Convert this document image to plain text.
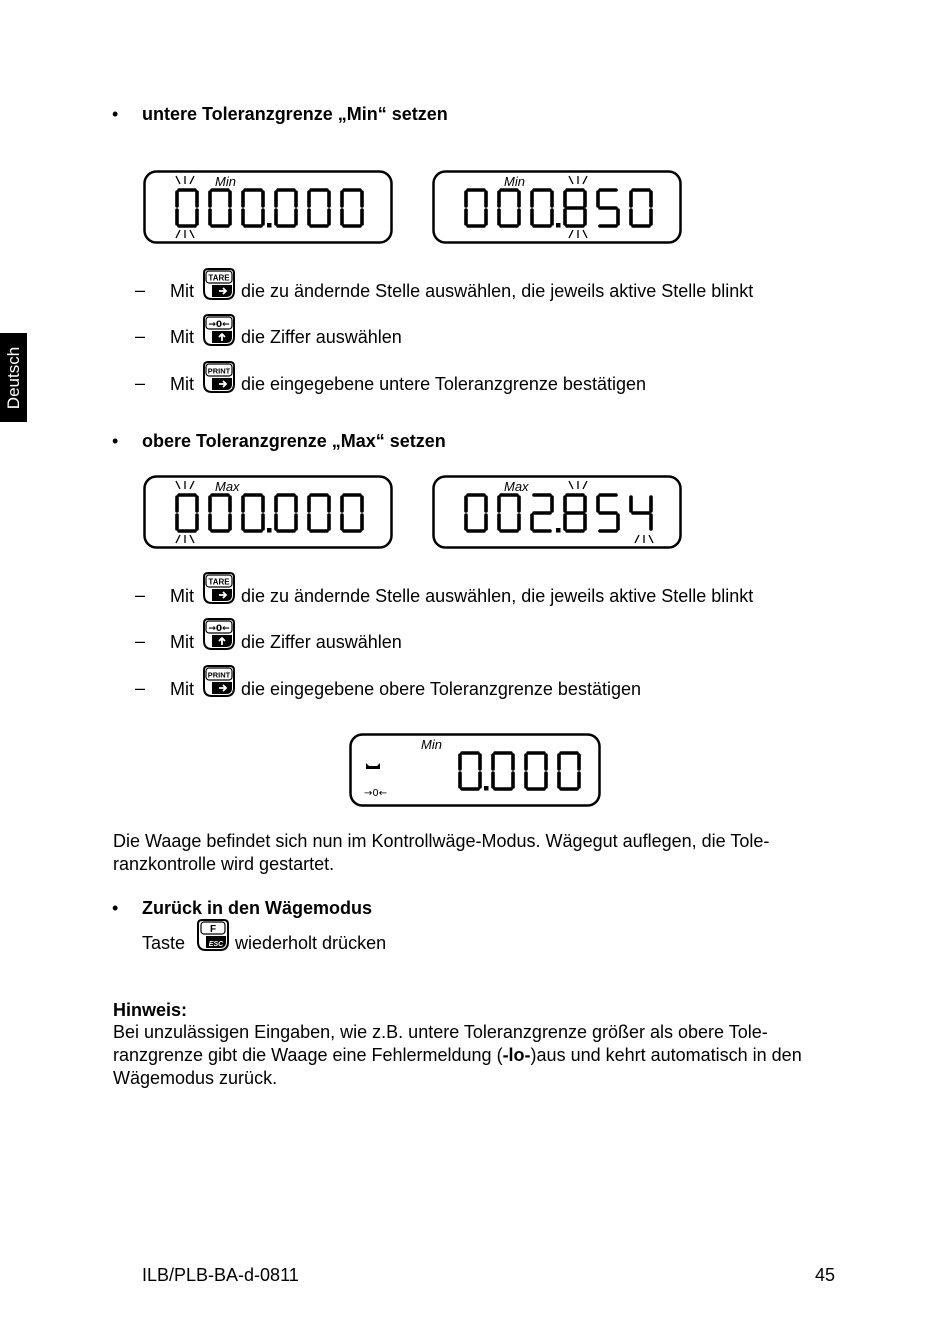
Deutsch
• untere Toleranzgrenze „Min“ setzen
Min	Min
– Mit
TARE
die zu ändernde Stelle auswählen, die jeweils aktive Stelle blinkt
– Mit
→0←
die Ziffer auswählen
– Mit
PRINT
die eingegebene untere Toleranzgrenze bestätigen
• obere Toleranzgrenze „Max“ setzen
Max	Max
– Mit
TARE
die zu ändernde Stelle auswählen, die jeweils aktive Stelle blinkt
– Mit
→0←
die Ziffer auswählen
– Mit
PRINT
die eingegebene obere Toleranzgrenze bestätigen
Min
→0←
Die Waage befindet sich nun im Kontrollwäge-Modus. Wägegut auflegen, die Tole-
ranzkontrolle wird gestartet.
• Zurück in den Wägemodus
Taste
F
ESC wiederholt drücken
Hinweis:
Bei unzulässigen Eingaben, wie z.B. untere Toleranzgrenze größer als obere Tole-
ranzgrenze gibt die Waage eine Fehlermeldung (-lo-)aus und kehrt automatisch in den Wägemodus zurück.
ILB/PLB-BA-d-0811	45
